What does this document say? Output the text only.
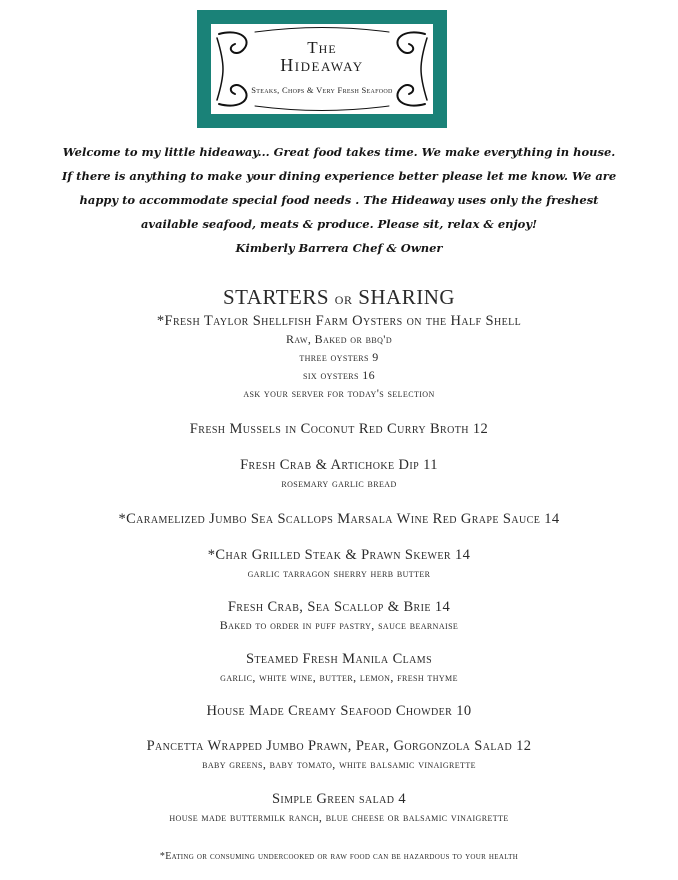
The
Hideaway
Steaks, Chops & Very Fresh Seafood
Welcome to my little hideaway... Great food takes time. We make everything in house.
If there is anything to make your dining experience better please let me know. We are
happy to accommodate special food needs . The Hideaway uses only the freshest
available seafood, meats & produce. Please sit, relax & enjoy!
Kimberly Barrera Chef & Owner
STARTERS or SHARING
*Fresh Taylor Shellfish Farm Oysters on the Half Shell
Raw, Baked or bbq'd
three oysters 9
six oysters 16
ask your server for today's selection
Fresh Mussels in Coconut Red Curry Broth 12
Fresh Crab & Artichoke Dip 11
rosemary garlic bread
*Caramelized Jumbo Sea Scallops Marsala Wine Red Grape Sauce 14
*Char Grilled Steak & Prawn Skewer 14
garlic tarragon sherry herb butter
Fresh Crab, Sea Scallop & Brie 14
Baked to order in puff pastry, sauce bearnaise
Steamed Fresh Manila Clams
garlic, white wine, butter, lemon, fresh thyme
House Made Creamy Seafood Chowder 10
Pancetta Wrapped Jumbo Prawn, Pear, Gorgonzola Salad 12
baby greens, baby tomato, white balsamic vinaigrette
Simple Green salad 4
house made buttermilk ranch, blue cheese or balsamic vinaigrette
*Eating or consuming undercooked or raw food can be hazardous to your health
